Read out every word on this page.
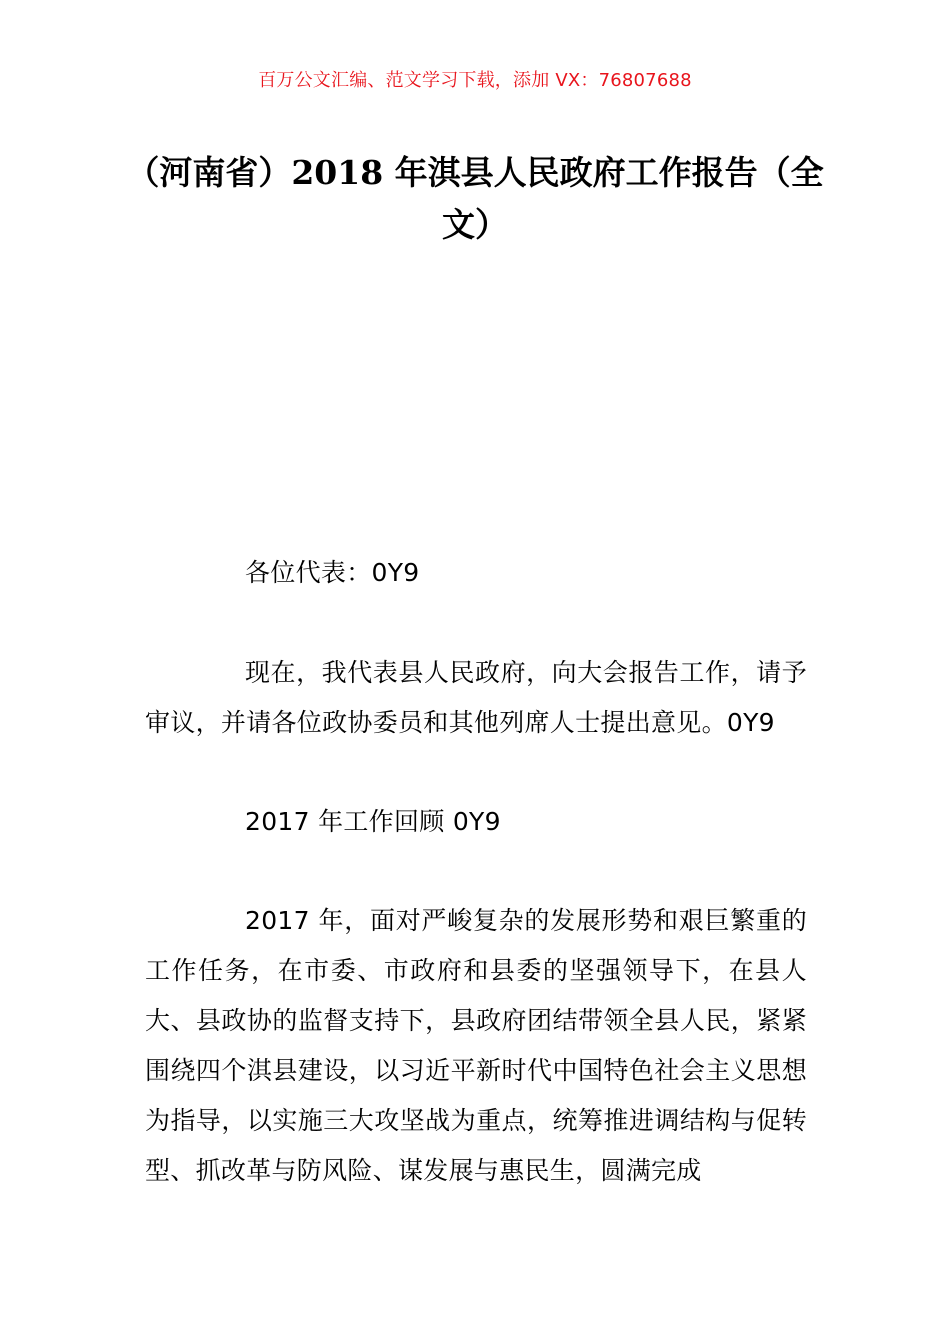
百万公文汇编、范文学习下载，添加 VX：76807688
（河南省）2018 年淇县人民政府工作报告（全文）

各位代表：0Y9

现在，我代表县人民政府，向大会报告工作，请予审议，并请各位政协委员和其他列席人士提出意见。0Y9

2017 年工作回顾 0Y9

2017 年，面对严峻复杂的发展形势和艰巨繁重的工作任务，在市委、市政府和县委的坚强领导下，在县人大、县政协的监督支持下，县政府团结带领全县人民，紧紧围绕四个淇县建设，以习近平新时代中国特色社会主义思想为指导，以实施三大攻坚战为重点，统筹推进调结构与促转型、抓改革与防风险、谋发展与惠民生，圆满完成
